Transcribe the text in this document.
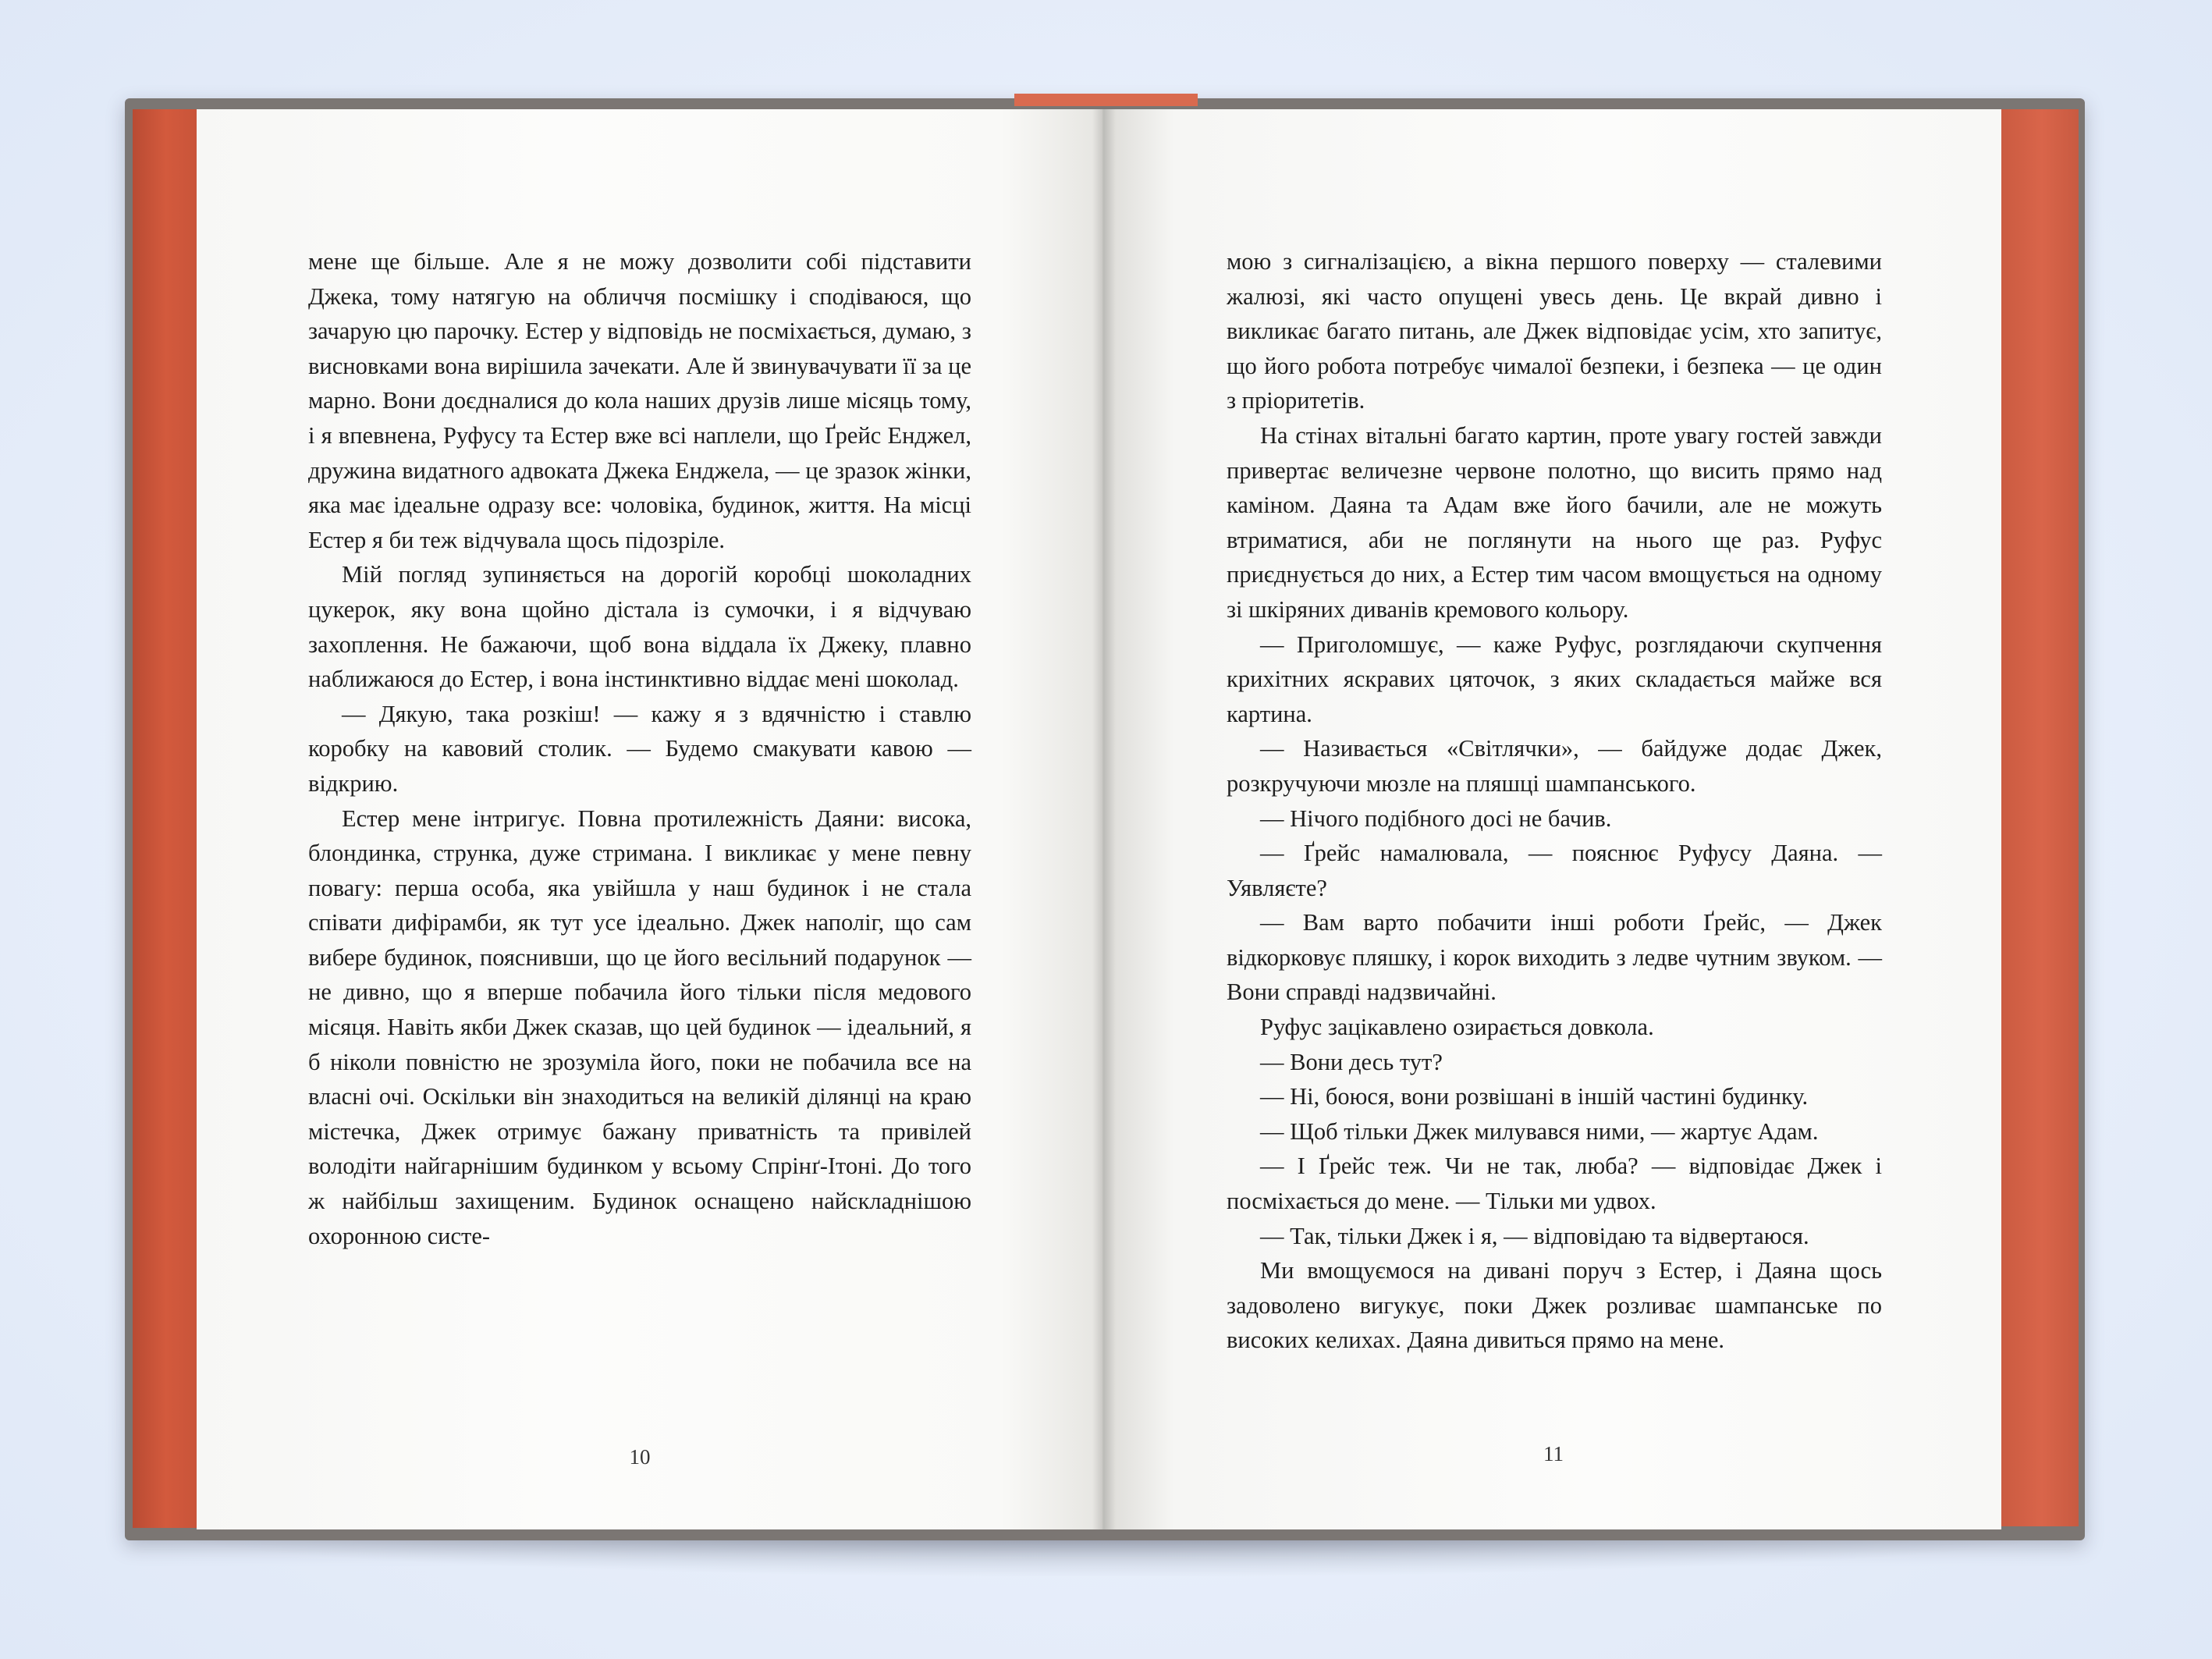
мене ще більше. Але я не можу дозволити собі підставити Джека, тому натягую на обличчя посмішку і сподіваюся, що зачарую цю парочку. Естер у відповідь не посміхається, думаю, з висновками вона вирішила зачекати. Але й звинувачувати її за це марно. Вони доєдналися до кола наших друзів лише місяць тому, і я впевнена, Руфусу та Естер вже всі наплели, що Ґрейс Енджел, дружина видатного адвоката Джека Енджела, — це зразок жінки, яка має ідеальне одразу все: чоловіка, будинок, життя. На місці Естер я би теж відчувала щось підозріле.

Мій погляд зупиняється на дорогій коробці шоколадних цукерок, яку вона щойно дістала із сумочки, і я відчуваю захоплення. Не бажаючи, щоб вона віддала їх Джеку, плавно наближаюся до Естер, і вона інстинктивно віддає мені шоколад.

— Дякую, така розкіш! — кажу я з вдячністю і ставлю коробку на кавовий столик. — Будемо смакувати кавою — відкрию.

Естер мене інтригує. Повна протилежність Даяни: висока, блондинка, струнка, дуже стримана. І викликає у мене певну повагу: перша особа, яка увійшла у наш будинок і не стала співати дифірамби, як тут усе ідеально. Джек наполіг, що сам вибере будинок, пояснивши, що це його весільний подарунок — не дивно, що я вперше побачила його тільки після медового місяця. Навіть якби Джек сказав, що цей будинок — ідеальний, я б ніколи повністю не зрозуміла його, поки не побачила все на власні очі. Оскільки він знаходиться на великій ділянці на краю містечка, Джек отримує бажану приватність та привілей володіти найгарнішим будинком у всьому Спрінґ-Ітоні. До того ж найбільш захищеним. Будинок оснащено найскладнішою охоронною систе-

мою з сигналізацією, а вікна першого поверху — сталевими жалюзі, які часто опущені увесь день. Це вкрай дивно і викликає багато питань, але Джек відповідає усім, хто запитує, що його робота потребує чималої безпеки, і безпека — це один з пріоритетів.

На стінах вітальні багато картин, проте увагу гостей завжди привертає величезне червоне полотно, що висить прямо над каміном. Даяна та Адам вже його бачили, але не можуть втриматися, аби не поглянути на нього ще раз. Руфус приєднується до них, а Естер тим часом вмощується на одному зі шкіряних диванів кремового кольору.

— Приголомшує, — каже Руфус, розглядаючи скупчення крихітних яскравих цяточок, з яких складається майже вся картина.

— Називається «Світлячки», — байдуже додає Джек, розкручуючи мюзле на пляшці шампанського.

— Нічого подібного досі не бачив.

— Ґрейс намалювала, — пояснює Руфусу Даяна. — Уявляєте?

— Вам варто побачити інші роботи Ґрейс, — Джек відкорковує пляшку, і корок виходить з ледве чутним звуком. — Вони справді надзвичайні.

Руфус зацікавлено озирається довкола.

— Вони десь тут?

— Ні, боюся, вони розвішані в іншій частині будинку.

— Щоб тільки Джек милувався ними, — жартує Адам.

— І Ґрейс теж. Чи не так, люба? — відповідає Джек і посміхається до мене. — Тільки ми удвох.

— Так, тільки Джек і я, — відповідаю та відвертаюся.

Ми вмощуємося на дивані поруч з Естер, і Даяна щось задоволено вигукує, поки Джек розливає шампанське по високих келихах. Даяна дивиться прямо на мене.

10	11
